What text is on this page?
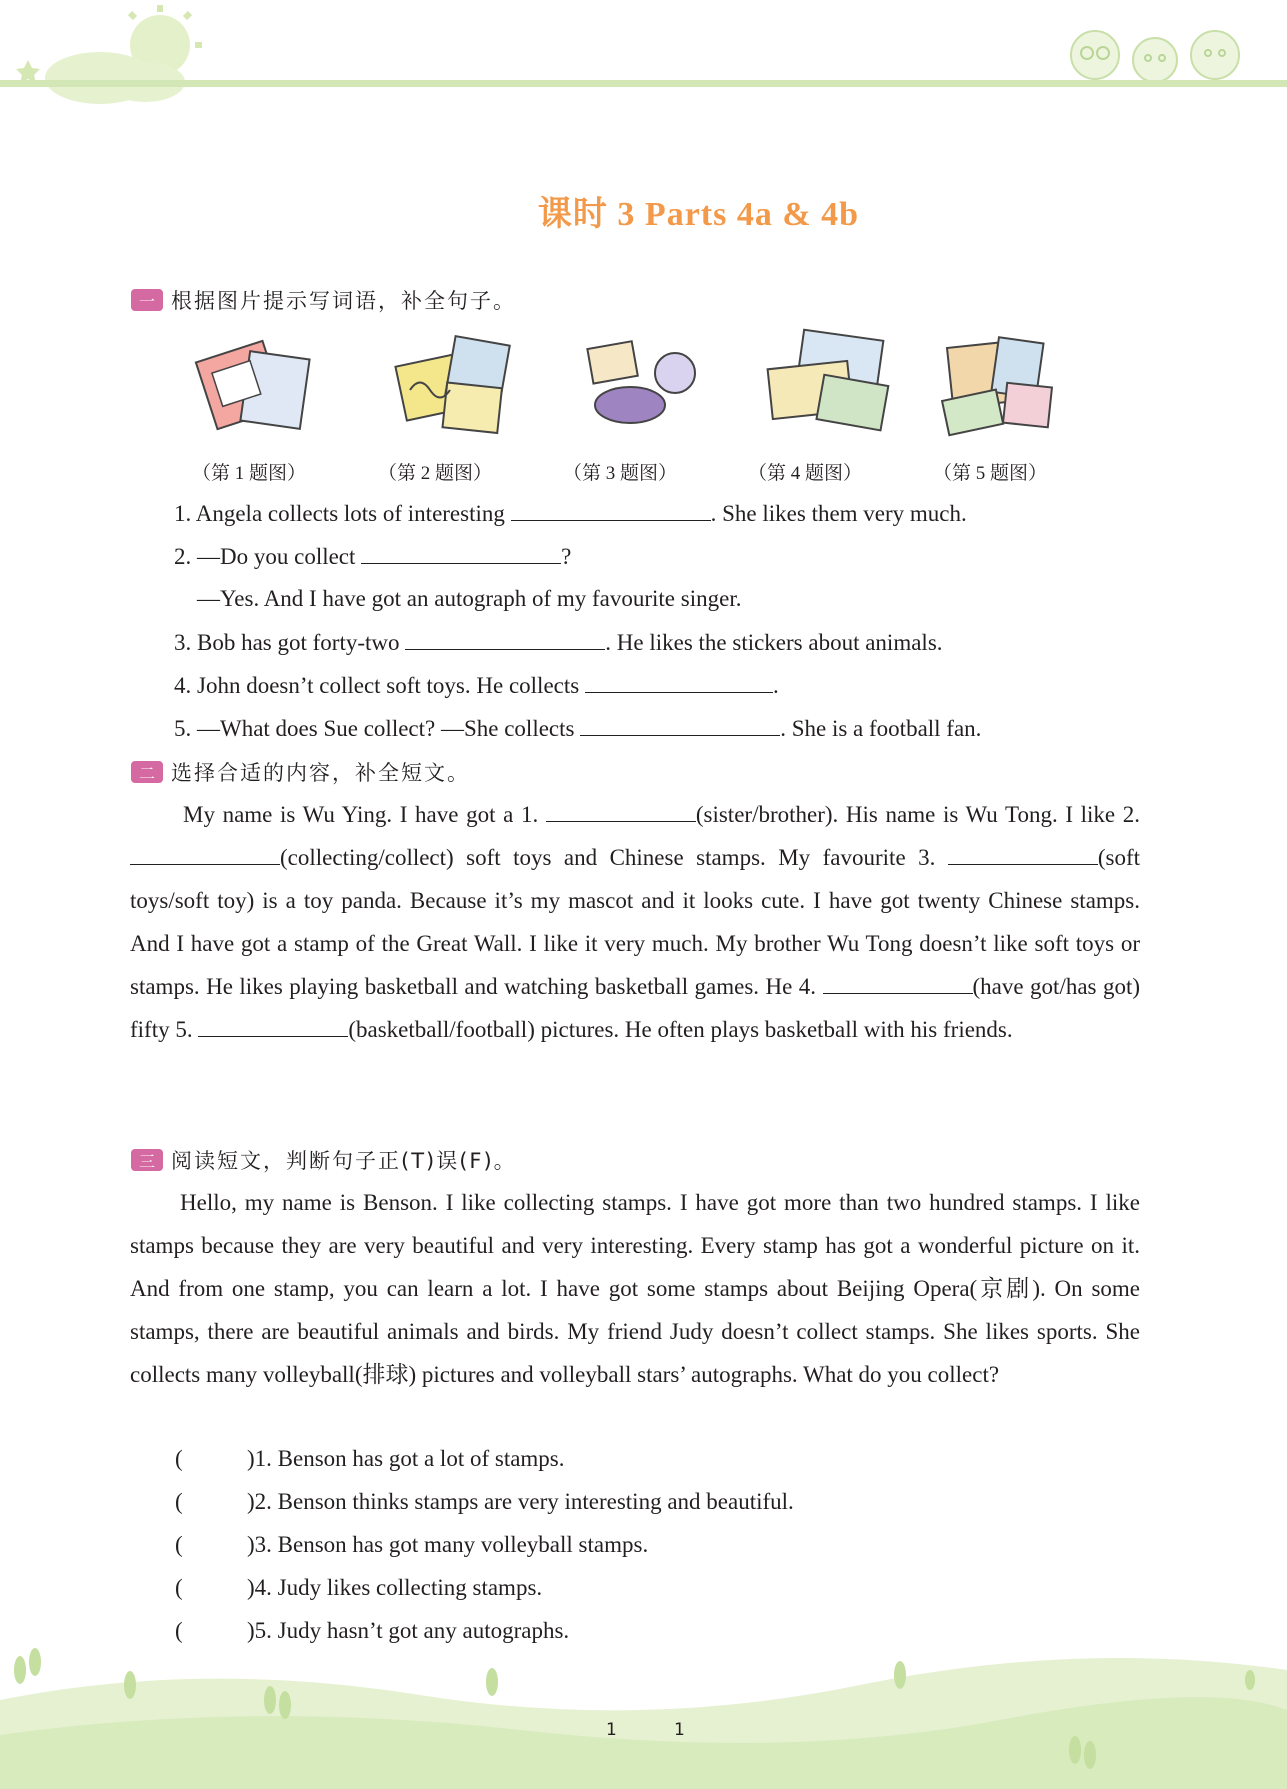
课时 3 Parts 4a & 4b
一 根据图片提示写词语，补全句子。
（第 1 题图）	（第 2 题图）	（第 3 题图）	（第 4 题图）	（第 5 题图）
1. Angela collects lots of interesting	. She likes them very much.
2. —Do you collect	?
—Yes. And I have got an autograph of my favourite singer.
3. Bob has got forty-two	. He likes the stickers about animals.
4. John doesn’t collect soft toys. He collects	.
5. —What does Sue collect? —She collects	. She is a football fan.
二 选择合适的内容，补全短文。
My name is Wu Ying. I have got a 1.	(sister/brother). His name is Wu Tong. I like 2. (collecting/collect) soft toys and Chinese stamps. My favourite 3.	(soft toys/soft toy) is a toy panda. Because it’s my mascot and it looks cute. I have got twenty Chinese stamps. And I have got a stamp of the Great Wall. I like it very much. My brother Wu Tong doesn’t like soft toys or stamps. He likes playing basketball and watching basketball games. He 4.	(have got/has got) fifty 5.	(basketball/football) pictures. He often plays basketball with his friends.
三 阅读短文，判断句子正(T)误(F)。
Hello, my name is Benson. I like collecting stamps. I have got more than two hundred stamps. I like stamps because they are very beautiful and very interesting. Every stamp has got a wonderful picture on it. And from one stamp, you can learn a lot. I have got some stamps about Beijing Opera(京剧). On some stamps, there are beautiful animals and birds. My friend Judy doesn’t collect stamps. She likes sports. She collects many volleyball(排球) pictures and volleyball stars’ autographs. What do you collect?
(	)1. Benson has got a lot of stamps.
(	)2. Benson thinks stamps are very interesting and beautiful.
(	)3. Benson has got many volleyball stamps.
(	)4. Judy likes collecting stamps.
(	)5. Judy hasn’t got any autographs.
1	1
